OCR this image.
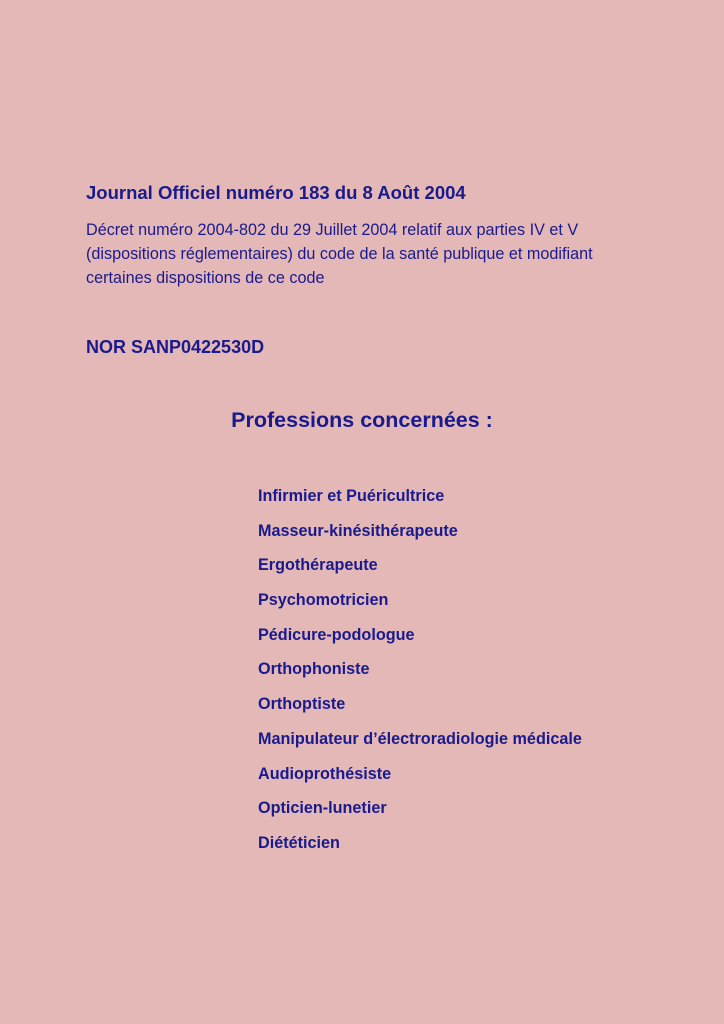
Journal Officiel numéro 183 du 8 Août 2004

Décret numéro 2004-802 du 29 Juillet 2004 relatif aux parties IV et V
(dispositions réglementaires) du code de la santé publique et modifiant
certaines dispositions de ce code

NOR SANP0422530D
Professions concernées :
Infirmier et Puéricultrice
Masseur-kinésithérapeute
Ergothérapeute
Psychomotricien
Pédicure-podologue
Orthophoniste
Orthoptiste
Manipulateur d’électroradiologie médicale
Audioprothésiste
Opticien-lunetier
Diététicien
